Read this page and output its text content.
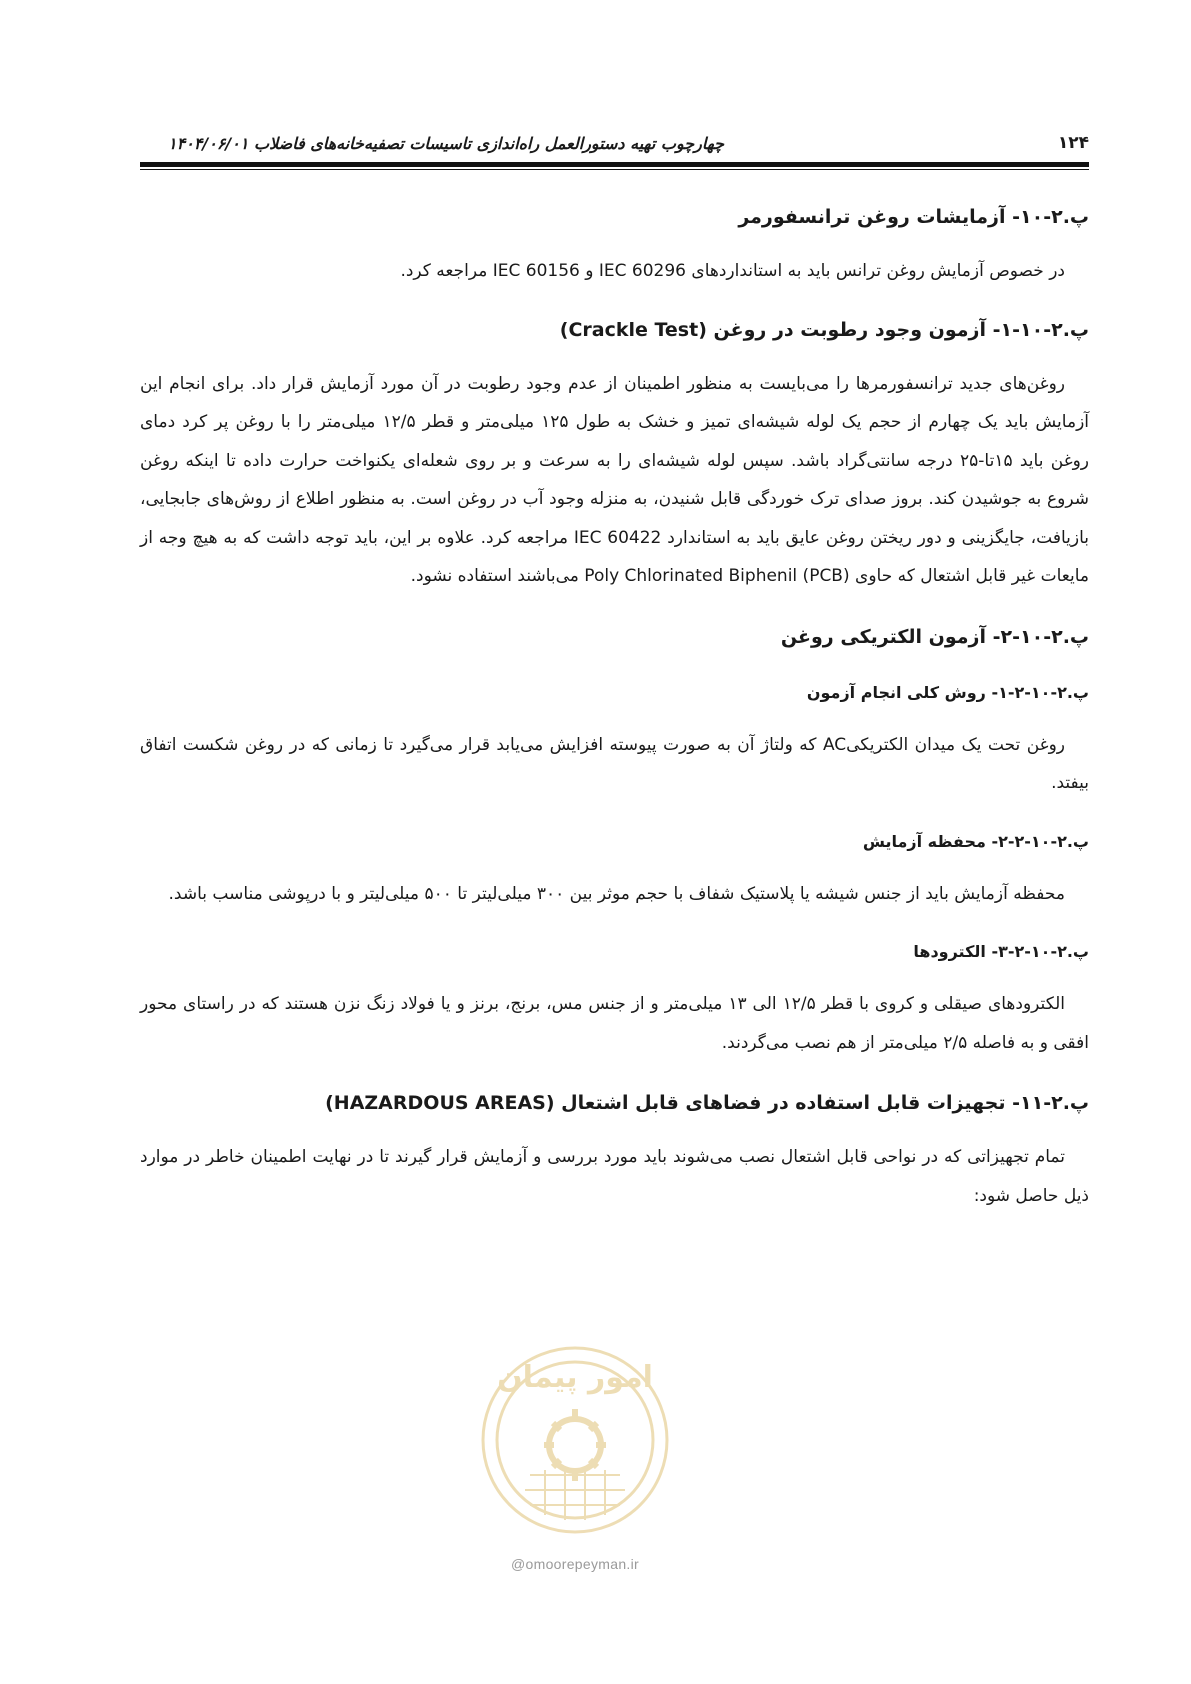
۱۲۴
چهارچوب تهیه دستورالعمل راه‌اندازی تاسیسات تصفیه‌خانه‌های فاضلاب ۱۴۰۴/۰۶/۰۱
پ.۲-۱۰- آزمایشات روغن ترانسفورمر

در خصوص آزمایش روغن ترانس باید به استانداردهای IEC 60296 و IEC 60156 مراجعه کرد.

پ.۲-۱۰-۱- آزمون وجود رطوبت در روغن (Crackle Test)

روغن‌های جدید ترانسفورمرها را می‌بایست به منظور اطمینان از عدم وجود رطوبت در آن مورد آزمایش قرار داد. برای انجام این آزمایش باید یک چهارم از حجم یک لوله شیشه‌ای تمیز و خشک به طول ۱۲۵ میلی‌متر و قطر ۱۲/۵ میلی‌متر را با روغن پر کرد دمای روغن باید ۱۵تا-۲۵ درجه سانتی‌گراد باشد. سپس لوله شیشه‌ای را به سرعت و بر روی شعله‌ای یکنواخت حرارت داده تا اینکه روغن شروع به جوشیدن کند. بروز صدای ترک خوردگی قابل شنیدن، به منزله وجود آب در روغن است. به منظور اطلاع از روش‌های جابجایی، بازیافت، جایگزینی و دور ریختن روغن عایق باید به استاندارد IEC 60422 مراجعه کرد. علاوه بر این، باید توجه داشت که به هیچ وجه از مایعات غیر قابل اشتعال که حاوی Poly Chlorinated Biphenil (PCB) می‌باشند استفاده نشود.

پ.۲-۱۰-۲- آزمون الکتریکی روغن
پ.۲-۱۰-۲-۱- روش کلی انجام آزمون

روغن تحت یک میدان الکتریکیAC که ولتاژ آن به صورت پیوسته افزایش می‌یابد قرار می‌گیرد تا زمانی که در روغن شکست اتفاق بیفتد.

پ.۲-۱۰-۲-۲- محفظه آزمایش

محفظه آزمایش باید از جنس شیشه یا پلاستیک شفاف با حجم موثر بین ۳۰۰ میلی‌لیتر تا ۵۰۰ میلی‌لیتر و با درپوشی مناسب باشد.

پ.۲-۱۰-۲-۳- الکترودها

الکترودهای صیقلی و کروی با قطر ۱۲/۵ الی ۱۳ میلی‌متر و از جنس مس، برنج، برنز و یا فولاد زنگ نزن هستند که در راستای محور افقی و به فاصله ۲/۵ میلی‌متر از هم نصب می‌گردند.

پ.۲-۱۱- تجهیزات قابل استفاده در فضاهای قابل اشتعال (HAZARDOUS AREAS)

تمام تجهیزاتی که در نواحی قابل اشتعال نصب می‌شوند باید مورد بررسی و آزمایش قرار گیرند تا در نهایت اطمینان خاطر در موارد ذیل حاصل شود:

امور پیمان
@omoorepeyman.ir
